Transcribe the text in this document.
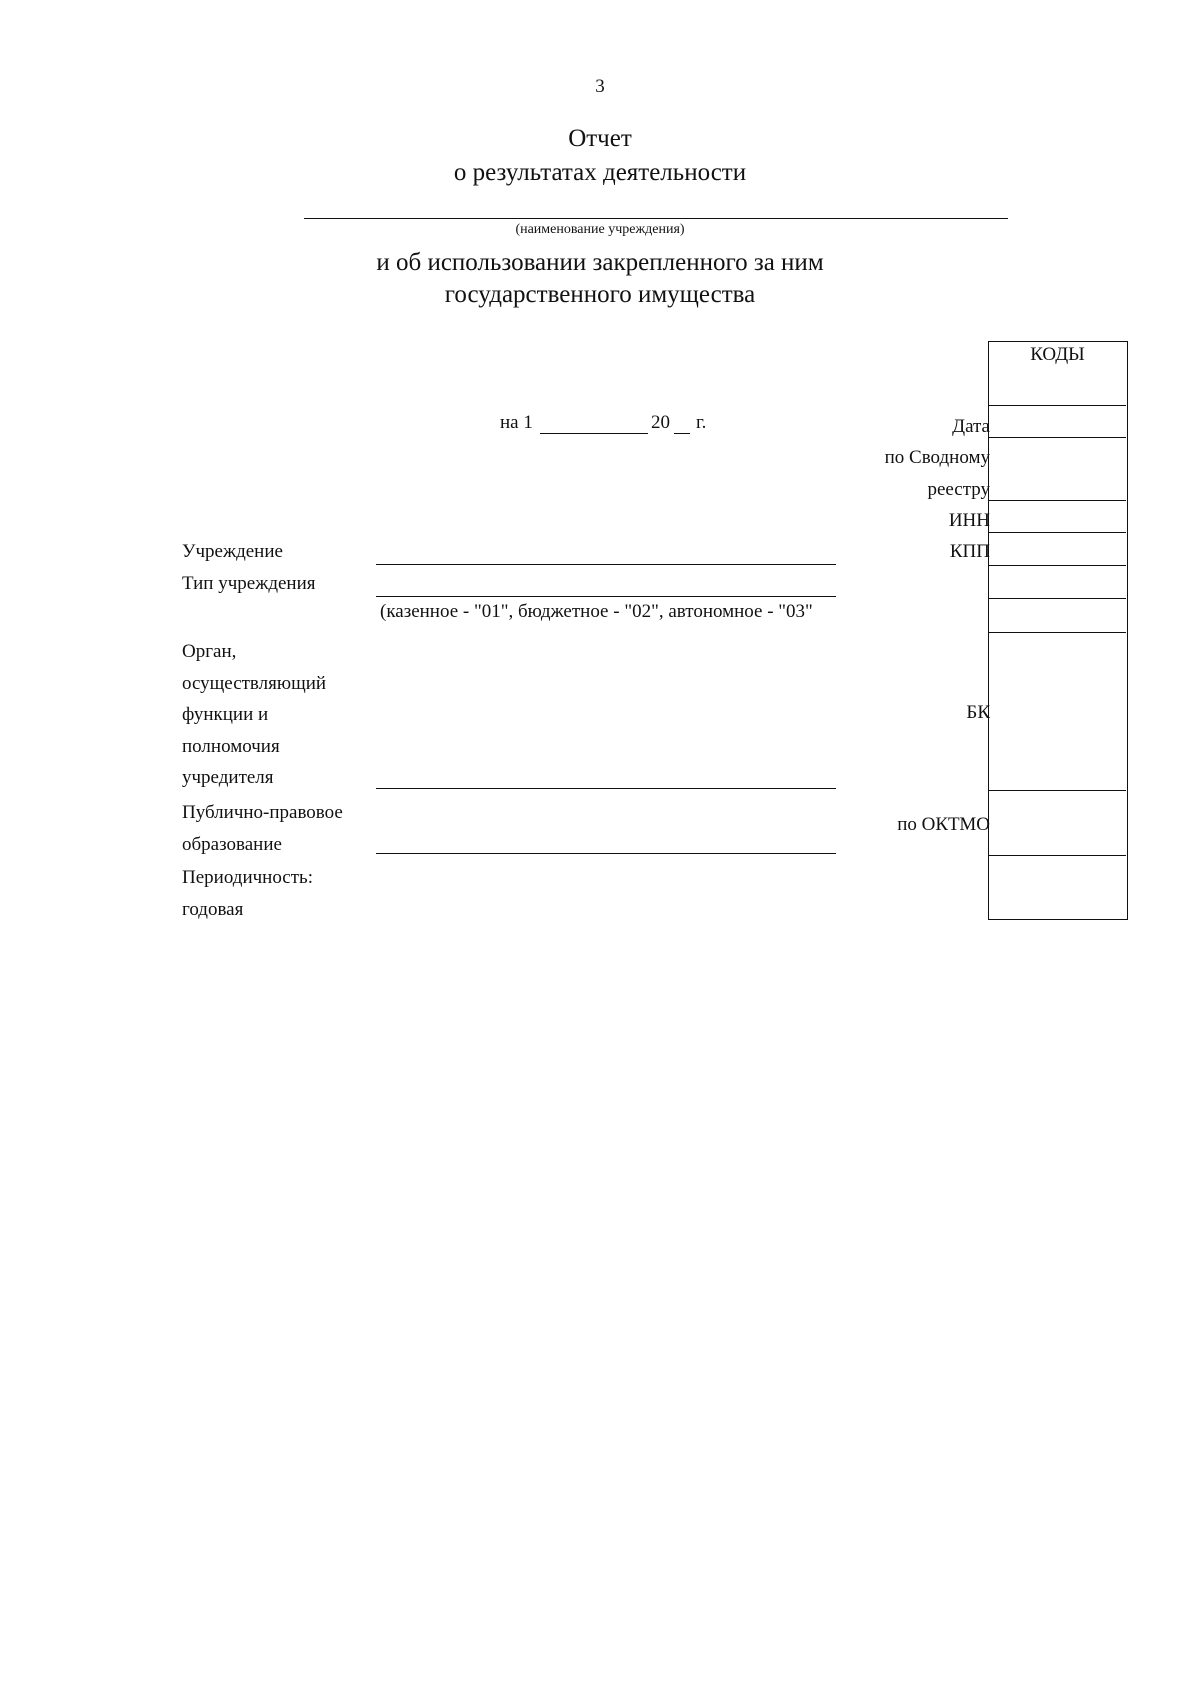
3
Отчет
о результатах деятельности
(наименование учреждения)
и об использовании закрепленного за ним
государственного имущества
на 1	20 г.
Учреждение
Тип учреждения
(казенное - "01", бюджетное - "02", автономное - "03"
Орган,
осуществляющий
функции и
полномочия
учредителя
Публично-правовое
образование
Периодичность:
годовая
КОДЫ
Дата
по Сводному
реестру
ИНН
КПП
БК
по ОКТМО
